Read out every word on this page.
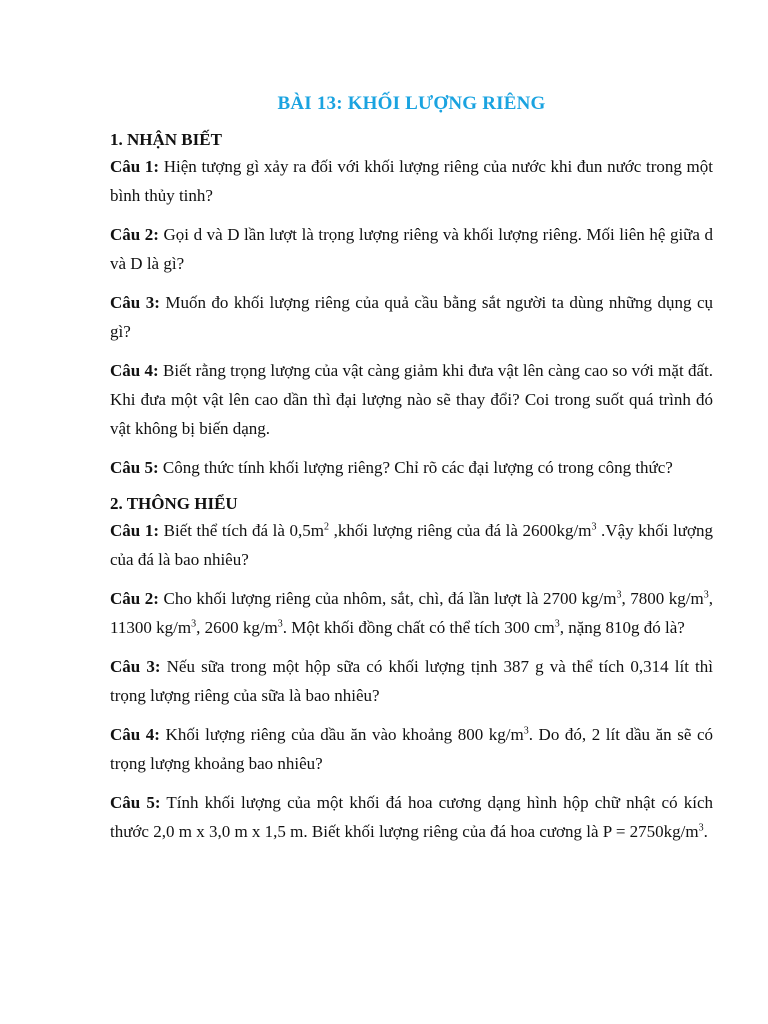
BÀI 13: KHỐI LƯỢNG RIÊNG
1. NHẬN BIẾT

Câu 1: Hiện tượng gì xảy ra đối với khối lượng riêng của nước khi đun nước trong một bình thủy tinh?

Câu 2: Gọi d và D lần lượt là trọng lượng riêng và khối lượng riêng. Mối liên hệ giữa d và D là gì?

Câu 3: Muốn đo khối lượng riêng của quả cầu bằng sắt người ta dùng những dụng cụ gì?

Câu 4: Biết rằng trọng lượng của vật càng giảm khi đưa vật lên càng cao so với mặt đất. Khi đưa một vật lên cao dần thì đại lượng nào sẽ thay đổi? Coi trong suốt quá trình đó vật không bị biến dạng.

Câu 5: Công thức tính khối lượng riêng? Chỉ rõ các đại lượng có trong công thức?

2. THÔNG HIỂU

Câu 1: Biết thể tích đá là $0,5m^2$ ,khối lượng riêng của đá là $2600kg/m^3$ .Vậy khối lượng của đá là bao nhiêu?

Câu 2: Cho khối lượng riêng của nhôm, sắt, chì, đá lần lượt là 2700 $kg/m^3$, 7800 $kg/m^3$, 11300 $kg/m^3$, 2600 $kg/m^3$. Một khối đồng chất có thể tích 300 $cm^3$, nặng 810g đó là?

Câu 3: Nếu sữa trong một hộp sữa có khối lượng tịnh 387 g và thể tích 0,314 lít thì trọng lượng riêng của sữa là bao nhiêu?

Câu 4: Khối lượng riêng của dầu ăn vào khoảng 800 $kg/m^3$. Do đó, 2 lít dầu ăn sẽ có trọng lượng khoảng bao nhiêu?

Câu 5: Tính khối lượng của một khối đá hoa cương dạng hình hộp chữ nhật có kích thước 2,0 m x 3,0 m x 1,5 m. Biết khối lượng riêng của đá hoa cương là $P = 2750kg/m^3$.
